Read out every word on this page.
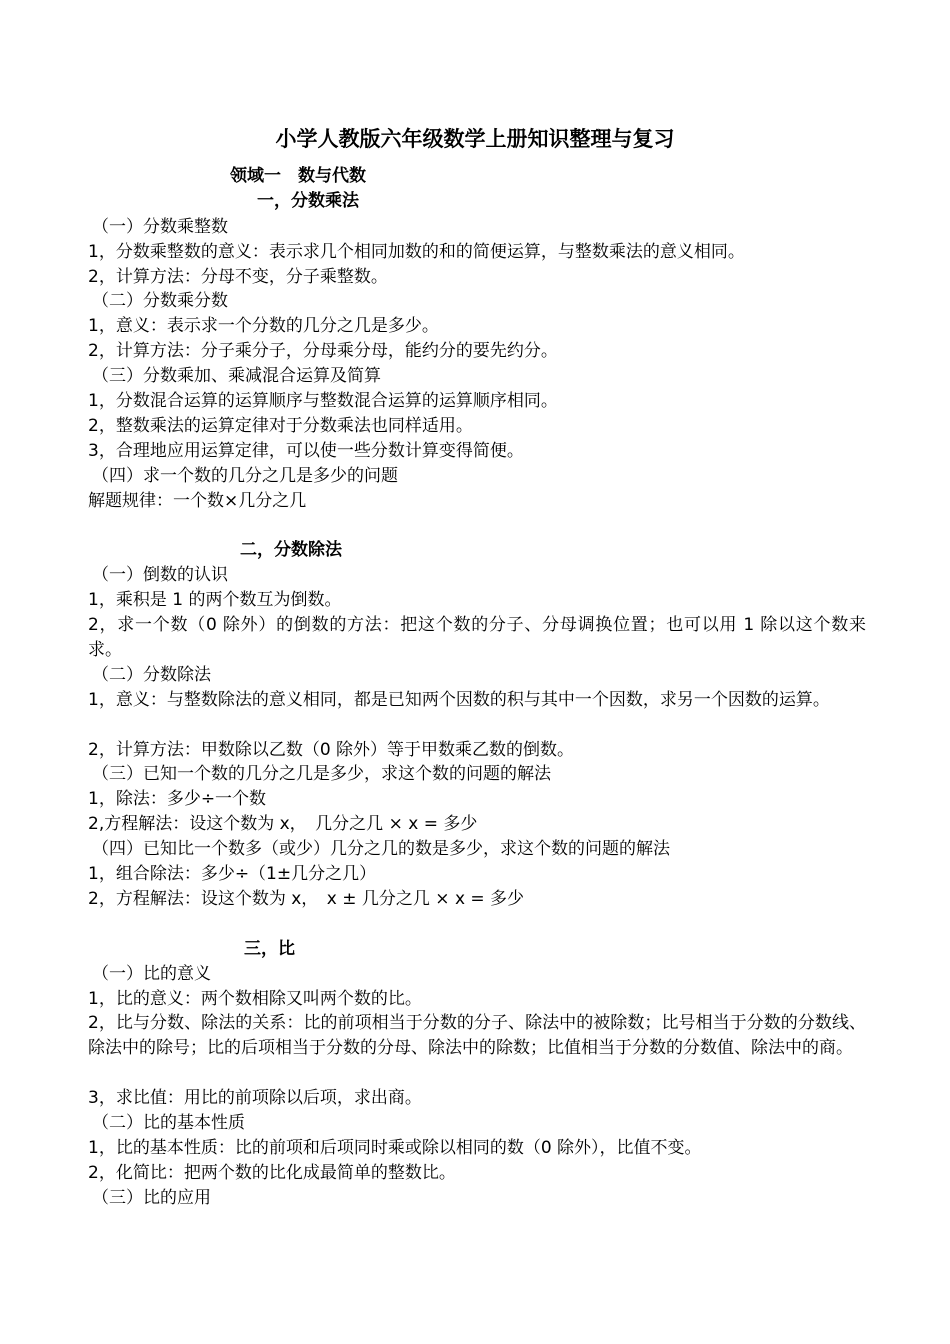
小学人教版六年级数学上册知识整理与复习
领域一　数与代数
一，分数乘法
（一）分数乘整数
1，分数乘整数的意义：表示求几个相同加数的和的简便运算，与整数乘法的意义相同。
2，计算方法：分母不变，分子乘整数。
（二）分数乘分数
1，意义：表示求一个分数的几分之几是多少。
2，计算方法：分子乘分子，分母乘分母，能约分的要先约分。
（三）分数乘加、乘减混合运算及简算
1，分数混合运算的运算顺序与整数混合运算的运算顺序相同。
2，整数乘法的运算定律对于分数乘法也同样适用。
3，合理地应用运算定律，可以使一些分数计算变得简便。
（四）求一个数的几分之几是多少的问题
解题规律：一个数×几分之几
二，分数除法
（一）倒数的认识
1，乘积是 1 的两个数互为倒数。
2，求一个数（0 除外）的倒数的方法：把这个数的分子、分母调换位置；也可以用 1 除以这个数来求。
（二）分数除法
1，意义：与整数除法的意义相同，都是已知两个因数的积与其中一个因数，求另一个因数的运算。
2，计算方法：甲数除以乙数（0 除外）等于甲数乘乙数的倒数。
（三）已知一个数的几分之几是多少，求这个数的问题的解法
1，除法：多少÷一个数
2,方程解法：设这个数为 x，　几分之几 × x = 多少
（四）已知比一个数多（或少）几分之几的数是多少，求这个数的问题的解法
1，组合除法：多少÷（1±几分之几）
2，方程解法：设这个数为 x，　x ± 几分之几 × x = 多少
三，比
（一）比的意义
1，比的意义：两个数相除又叫两个数的比。
2，比与分数、除法的关系：比的前项相当于分数的分子、除法中的被除数；比号相当于分数的分数线、除法中的除号；比的后项相当于分数的分母、除法中的除数；比值相当于分数的分数值、除法中的商。
3，求比值：用比的前项除以后项，求出商。
（二）比的基本性质
1，比的基本性质：比的前项和后项同时乘或除以相同的数（0 除外），比值不变。
2，化简比：把两个数的比化成最简单的整数比。
（三）比的应用
